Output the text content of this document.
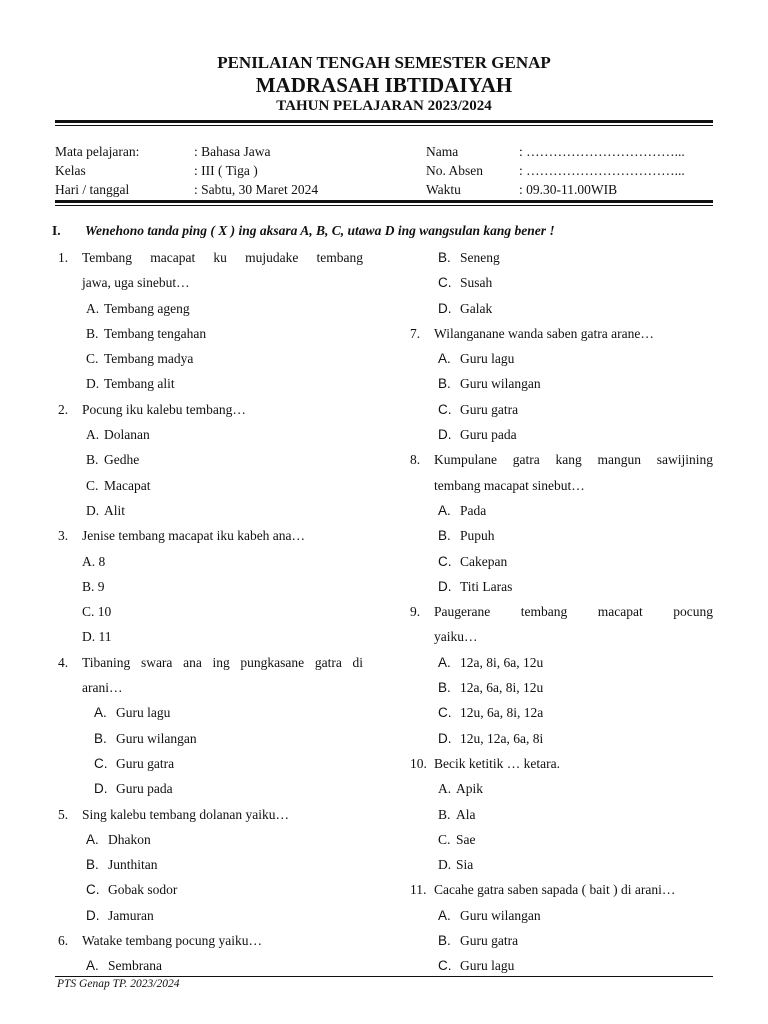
PENILAIAN TENGAH SEMESTER GENAP
MADRASAH IBTIDAIYAH
TAHUN PELAJARAN 2023/2024
Mata pelajaran:	: Bahasa Jawa
Kelas	: III ( Tiga )
Hari / tanggal	: Sabtu, 30 Maret 2024
Nama	: ……………………………...
No. Absen	: ……………………………...
Waktu	: 09.30-11.00WIB
I. Wenehono tanda ping ( X ) ing aksara A, B, C, utawa D ing wangsulan kang bener !
1. Tembang macapat ku mujudake tembang
jawa, uga sinebut…
A. Tembang ageng
B. Tembang tengahan
C. Tembang madya
D. Tembang alit
2. Pocung iku kalebu tembang…
A. Dolanan
B. Gedhe
C. Macapat
D. Alit
3. Jenise tembang macapat iku kabeh ana…
A. 8
B. 9
C. 10
D. 11
4. Tibaning swara ana ing pungkasane gatra di
arani…
A. Guru lagu
B. Guru wilangan
C. Guru gatra
D. Guru pada
5. Sing kalebu tembang dolanan yaiku…
A. Dhakon
B. Junthitan
C. Gobak sodor
D. Jamuran
6. Watake tembang pocung yaiku…
A. Sembrana
B. Seneng
C. Susah
D. Galak
7. Wilanganane wanda saben gatra arane…
A. Guru lagu
B. Guru wilangan
C. Guru gatra
D. Guru pada
8. Kumpulane gatra kang mangun sawijining
tembang macapat sinebut…
A. Pada
B. Pupuh
C. Cakepan
D. Titi Laras
9. Paugerane tembang macapat pocung
yaiku…
A. 12a, 8i, 6a, 12u
B. 12a, 6a, 8i, 12u
C. 12u, 6a, 8i, 12a
D. 12u, 12a, 6a, 8i
10. Becik ketitik … ketara.
A. Apik
B. Ala
C. Sae
D. Sia
11. Cacahe gatra saben sapada ( bait ) di arani…
A. Guru wilangan
B. Guru gatra
C. Guru lagu
PTS Genap TP. 2023/2024
